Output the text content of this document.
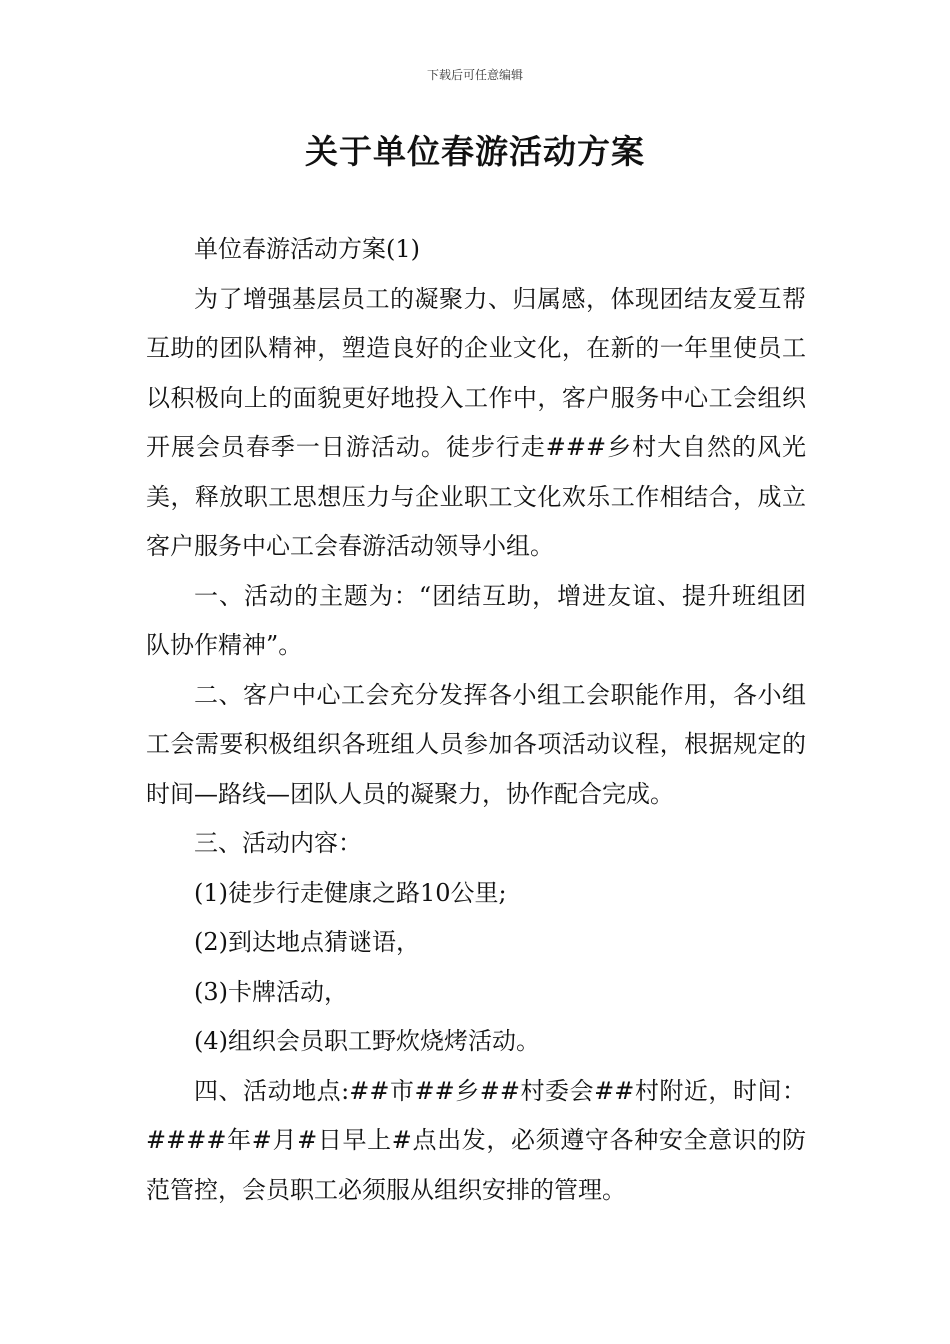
下载后可任意编辑
关于单位春游活动方案

单位春游活动方案(1)

为了增强基层员工的凝聚力、归属感，体现团结友爱互帮互助的团队精神，塑造良好的企业文化，在新的一年里使员工以积极向上的面貌更好地投入工作中，客户服务中心工会组织开展会员春季一日游活动。徒步行走###乡村大自然的风光美，释放职工思想压力与企业职工文化欢乐工作相结合，成立客户服务中心工会春游活动领导小组。

一、活动的主题为：“团结互助，增进友谊、提升班组团队协作精神”。

二、客户中心工会充分发挥各小组工会职能作用，各小组工会需要积极组织各班组人员参加各项活动议程，根据规定的时间—路线—团队人员的凝聚力，协作配合完成。

三、活动内容：

(1)徒步行走健康之路10公里;

(2)到达地点猜谜语，

(3)卡牌活动，

(4)组织会员职工野炊烧烤活动。

四、活动地点:##市##乡##村委会##村附近，时间：####年#月#日早上#点出发，必须遵守各种安全意识的防范管控，会员职工必须服从组织安排的管理。
